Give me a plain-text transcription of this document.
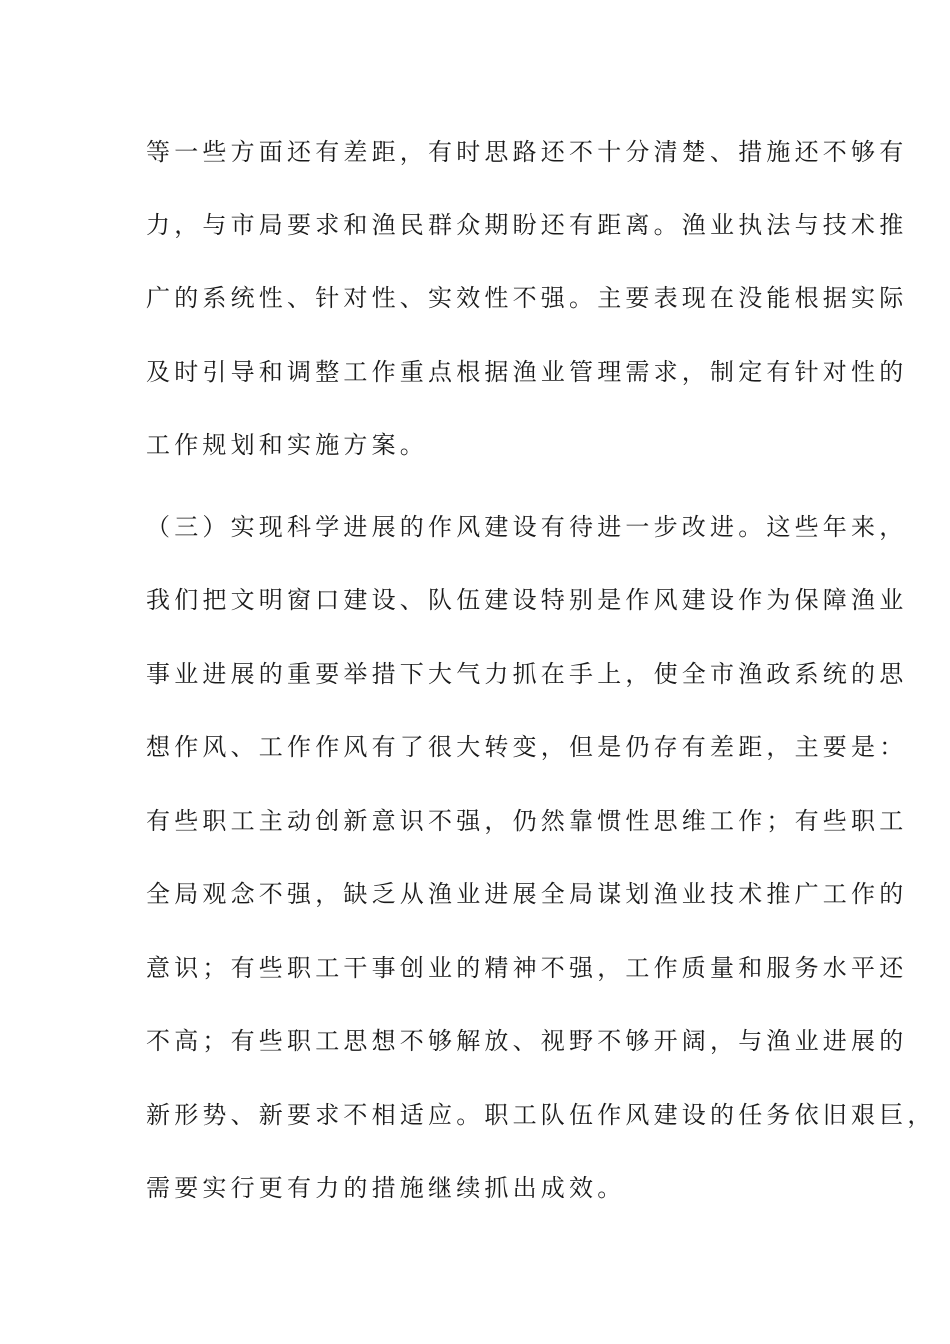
等一些方面还有差距，有时思路还不十分清楚、措施还不够有
力，与市局要求和渔民群众期盼还有距离。渔业执法与技术推
广的系统性、针对性、实效性不强。主要表现在没能根据实际
及时引导和调整工作重点根据渔业管理需求，制定有针对性的
工作规划和实施方案。
（三）实现科学进展的作风建设有待进一步改进。这些年来，
我们把文明窗口建设、队伍建设特别是作风建设作为保障渔业
事业进展的重要举措下大气力抓在手上，使全市渔政系统的思
想作风、工作作风有了很大转变，但是仍存有差距，主要是：
有些职工主动创新意识不强，仍然靠惯性思维工作；有些职工
全局观念不强，缺乏从渔业进展全局谋划渔业技术推广工作的
意识；有些职工干事创业的精神不强，工作质量和服务水平还
不高；有些职工思想不够解放、视野不够开阔，与渔业进展的
新形势、新要求不相适应。职工队伍作风建设的任务依旧艰巨，
需要实行更有力的措施继续抓出成效。
